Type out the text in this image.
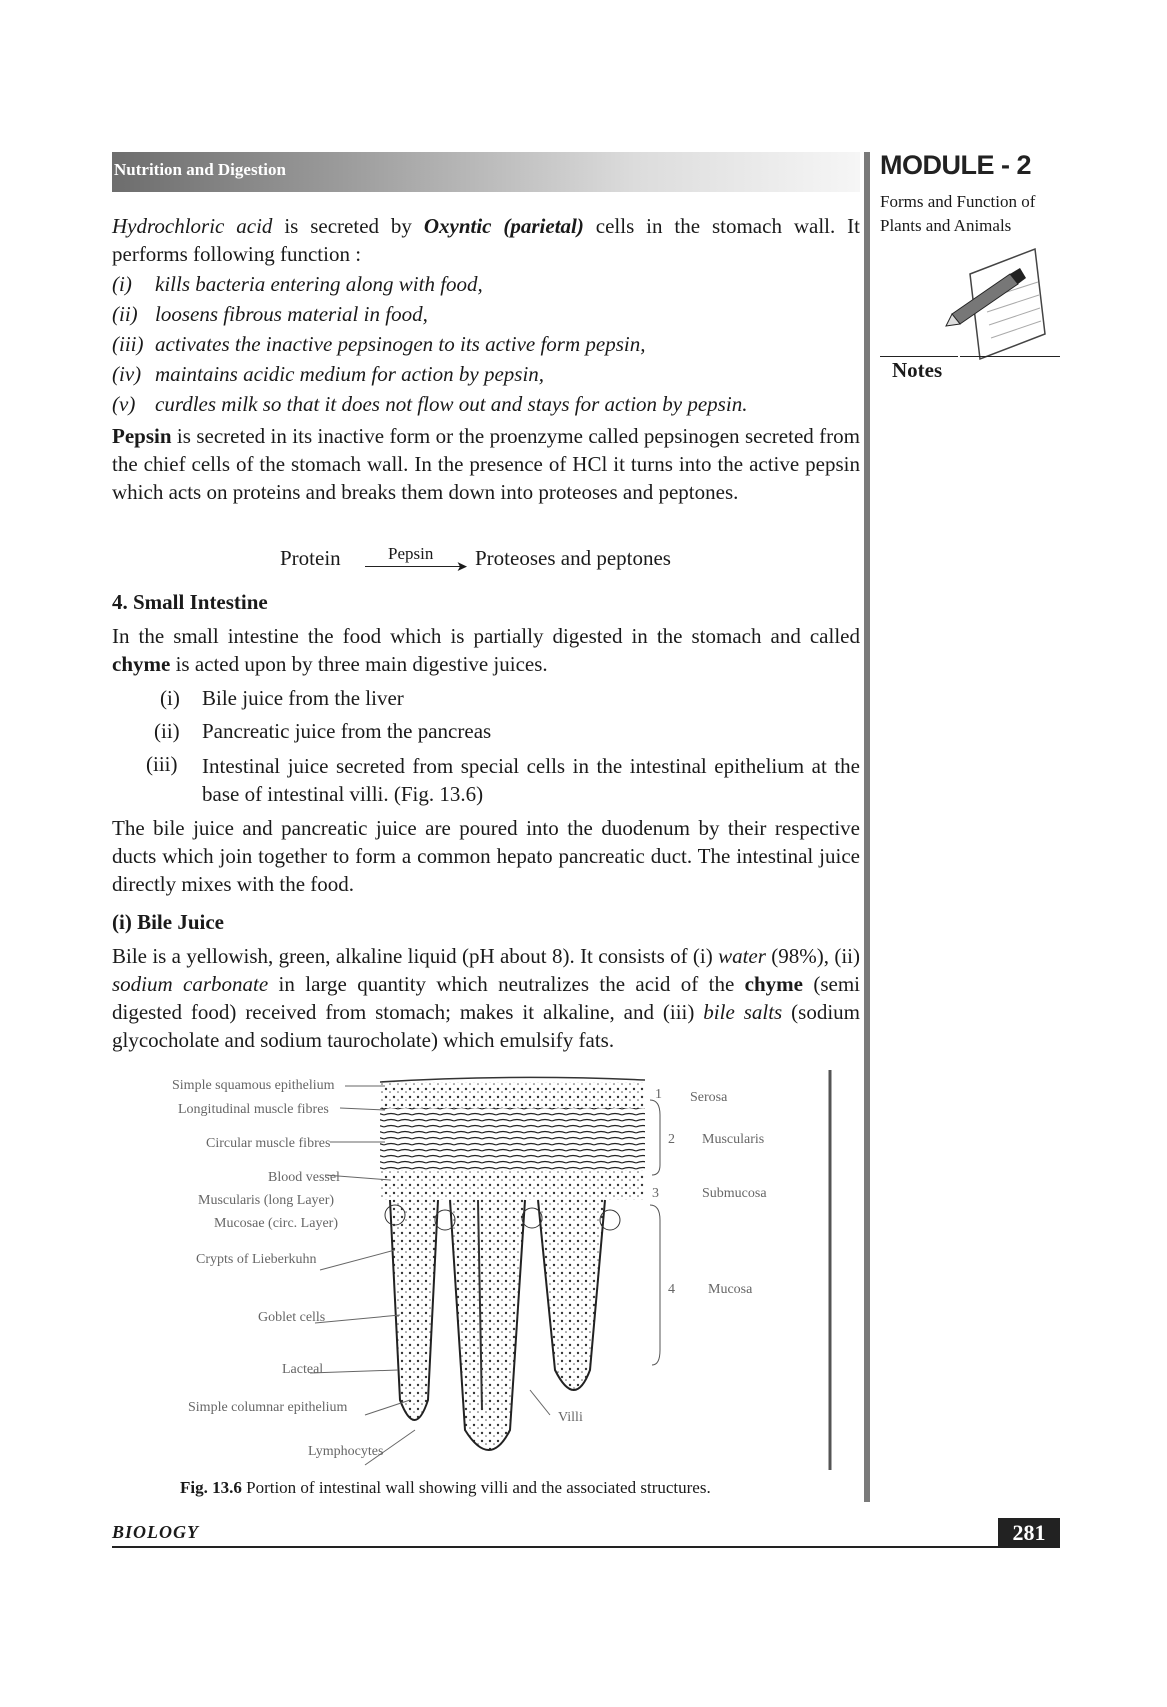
Nutrition and Digestion	MODULE - 2
Forms and Function of Plants and Animals
Notes
Hydrochloric acid is secreted by Oxyntic (parietal) cells in the stomach wall. It performs following function :
(i) kills bacteria entering along with food,
(ii) loosens fibrous material in food,
(iii) activates the inactive pepsinogen to its active form pepsin,
(iv) maintains acidic medium for action by pepsin,
(v) curdles milk so that it does not flow out and stays for action by pepsin.
Pepsin is secreted in its inactive form or the proenzyme called pepsinogen secreted from the chief cells of the stomach wall. In the presence of HCl it turns into the active pepsin which acts on proteins and breaks them down into proteoses and peptones.
Protein	Pepsin
➤ Proteoses and peptones
4. Small Intestine
In the small intestine the food which is partially digested in the stomach and called chyme is acted upon by three main digestive juices.
(i) Bile juice from the liver
(ii) Pancreatic juice from the pancreas
(iii) Intestinal juice secreted from special cells in the intestinal epithelium at the base of intestinal villi. (Fig. 13.6)
The bile juice and pancreatic juice are poured into the duodenum by their respective ducts which join together to form a common hepato pancreatic duct. The intestinal juice directly mixes with the food.
(i) Bile Juice
Bile is a yellowish, green, alkaline liquid (pH about 8). It consists of (i) water (98%), (ii) sodium carbonate in large quantity which neutralizes the acid of the chyme (semi digested food) received from stomach; makes it alkaline, and (iii) bile salts (sodium glycocholate and sodium taurocholate) which emulsify fats.
Simple squamous epithelium
Longitudinal muscle fibres
Circular muscle fibres
Blood vessel
Muscularis (long Layer)
Mucosae (circ. Layer)
Crypts of Lieberkuhn
Goblet cells
Lacteal
Simple columnar epithelium
Lymphocytes
1 Serosa
2 Muscularis
3	Submucosa
4 Mucosa
Villi
Fig. 13.6 Portion of intestinal wall showing villi and the associated structures.
BIOLOGY	281
